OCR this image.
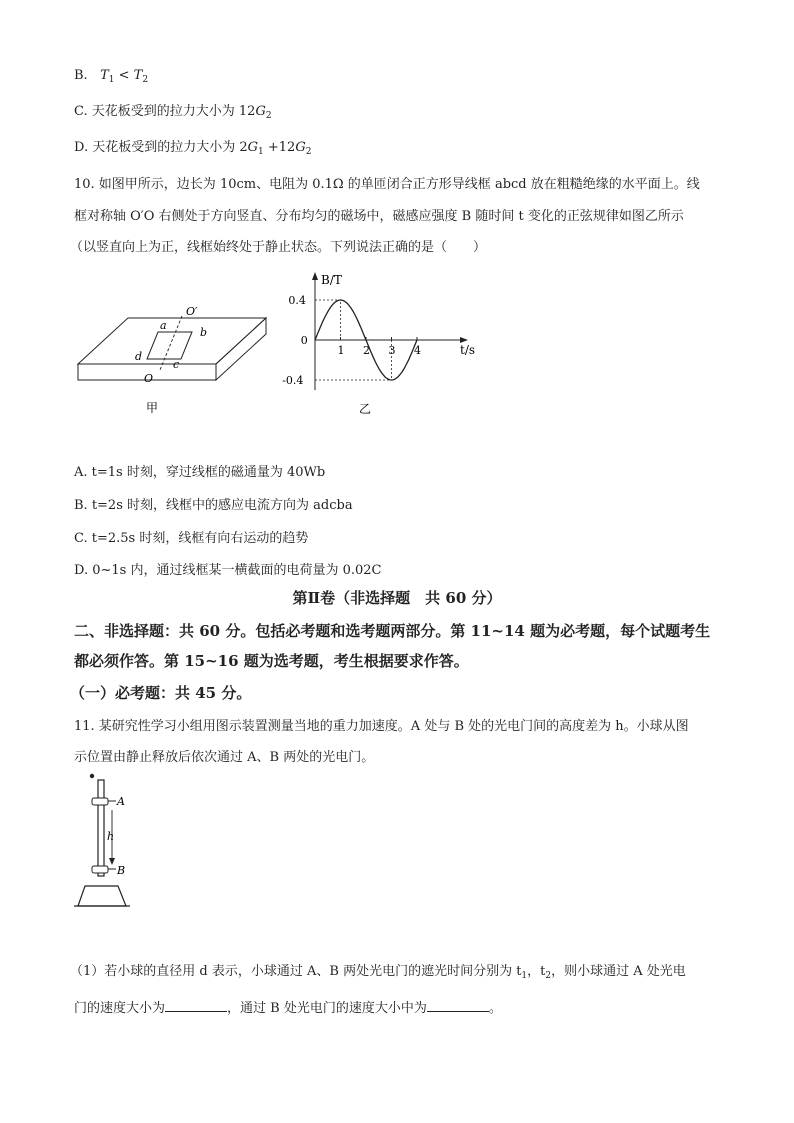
B. $T_1 < T_2$
C. 天花板受到的拉力大小为 $12G_2$
D. 天花板受到的拉力大小为 $2G_1 +12G_2$
10. 如图甲所示，边长为 10cm、电阻为 0.1Ω 的单匝闭合正方形导线框 abcd 放在粗糙绝缘的水平面上。线
框对称轴 O′O 右侧处于方向竖直、分布均匀的磁场中，磁感应强度 B 随时间 t 变化的正弦规律如图乙所示
（以竖直向上为正，线框始终处于静止状态。下列说法正确的是（　　）
O′
O
a
b
c
d
甲
B/T
t/s
1 2 3 4
0.4
0
-0.4
乙
A. t=1s 时刻，穿过线框的磁通量为 40Wb
B. t=2s 时刻，线框中的感应电流方向为 adcba
C. t=2.5s 时刻，线框有向右运动的趋势
D. 0~1s 内，通过线框某一横截面的电荷量为 0.02C
第Ⅱ卷（非选择题　共 60 分）
二、非选择题：共 60 分。包括必考题和选考题两部分。第 11~14 题为必考题，每个试题考生
都必须作答。第 15~16 题为选考题，考生根据要求作答。
（一）必考题：共 45 分。
11. 某研究性学习小组用图示装置测量当地的重力加速度。A 处与 B 处的光电门间的高度差为 h。小球从图
示位置由静止释放后依次通过 A、B 两处的光电门。
A
h
B
（1）若小球的直径用 d 表示，小球通过 A、B 两处光电门的遮光时间分别为 $t_1$，$t_2$，则小球通过 A 处光电
门的速度大小为	，通过 B 处光电门的速度大小中为	。
